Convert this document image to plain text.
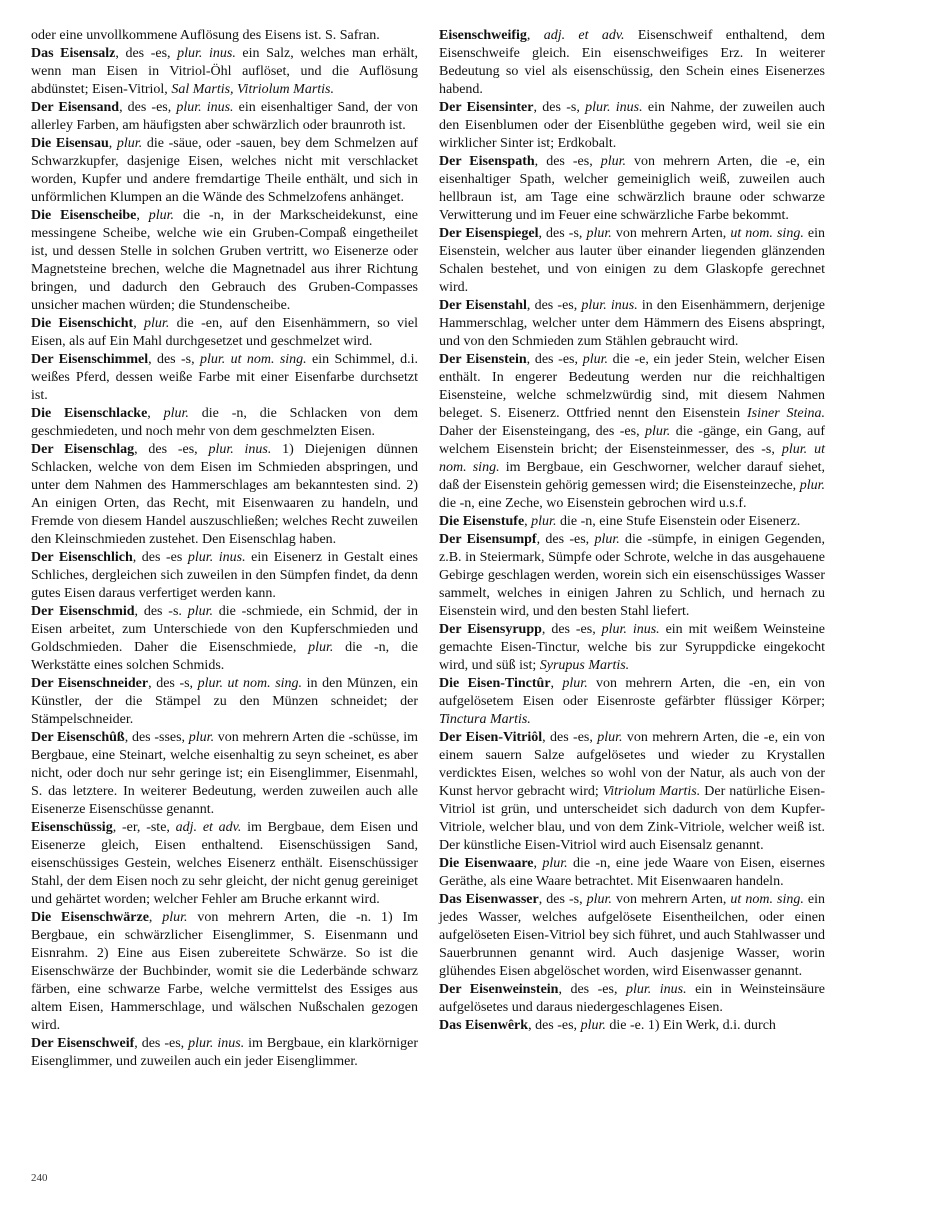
oder eine unvollkommene Auflösung des Eisens ist. S. Safran.

Das Eisensalz, des -es, plur. inus. ein Salz, welches man erhält, wenn man Eisen in Vitriol-Öhl auflöset, und die Auflösung abdünstet; Eisen-Vitriol, Sal Martis, Vitriolum Martis.

Der Eisensand, des -es, plur. inus. ein eisenhaltiger Sand, der von allerley Farben, am häufigsten aber schwärzlich oder braunroth ist.

Die Eisensau, plur. die -säue, oder -sauen, bey dem Schmelzen auf Schwarzkupfer, dasjenige Eisen, welches nicht mit verschlacket worden, Kupfer und andere fremdartige Theile enthält, und sich in unförmlichen Klumpen an die Wände des Schmelzofens anhänget.

Die Eisenscheibe, plur. die -n, in der Markscheidekunst, eine messingene Scheibe, welche wie ein Gruben-Compaß eingetheilet ist, und dessen Stelle in solchen Gruben vertritt, wo Eisenerze oder Magnetsteine brechen, welche die Magnetnadel aus ihrer Richtung bringen, und dadurch den Gebrauch des Gruben-Compasses unsicher machen würden; die Stundenscheibe.

Die Eisenschicht, plur. die -en, auf den Eisenhämmern, so viel Eisen, als auf Ein Mahl durchgesetzet und geschmelzet wird.

Der Eisenschimmel, des -s, plur. ut nom. sing. ein Schimmel, d.i. weißes Pferd, dessen weiße Farbe mit einer Eisenfarbe durchsetzt ist.

Die Eisenschlacke, plur. die -n, die Schlacken von dem geschmiedeten, und noch mehr von dem geschmelzten Eisen.

Der Eisenschlag, des -es, plur. inus. 1) Diejenigen dünnen Schlacken, welche von dem Eisen im Schmieden abspringen, und unter dem Nahmen des Hammerschlages am bekanntesten sind. 2) An einigen Orten, das Recht, mit Eisenwaaren zu handeln, und Fremde von diesem Handel auszuschließen; welches Recht zuweilen den Kleinschmieden zustehet. Den Eisenschlag haben.

Der Eisenschlich, des -es plur. inus. ein Eisenerz in Gestalt eines Schliches, dergleichen sich zuweilen in den Sümpfen findet, da denn gutes Eisen daraus verfertiget werden kann.

Der Eisenschmid, des -s. plur. die -schmiede, ein Schmid, der in Eisen arbeitet, zum Unterschiede von den Kupferschmieden und Goldschmieden. Daher die Eisenschmiede, plur. die -n, die Werkstätte eines solchen Schmids.

Der Eisenschneider, des -s, plur. ut nom. sing. in den Münzen, ein Künstler, der die Stämpel zu den Münzen schneidet; der Stämpelschneider.

Der Eisenschûß, des -sses, plur. von mehrern Arten die -schüsse, im Bergbaue, eine Steinart, welche eisenhaltig zu seyn scheinet, es aber nicht, oder doch nur sehr geringe ist; ein Eisenglimmer, Eisenmahl, S. das letztere. In weiterer Bedeutung, werden zuweilen auch alle Eisenerze Eisenschüsse genannt.

Eisenschüssig, -er, -ste, adj. et adv. im Bergbaue, dem Eisen und Eisenerze gleich, Eisen enthaltend. Eisenschüssigen Sand, eisenschüssiges Gestein, welches Eisenerz enthält. Eisenschüssiger Stahl, der dem Eisen noch zu sehr gleicht, der nicht genug gereiniget und gehärtet worden; welcher Fehler am Bruche erkannt wird.

Die Eisenschwärze, plur. von mehrern Arten, die -n. 1) Im Bergbaue, ein schwärzlicher Eisenglimmer, S. Eisenmann und Eisnrahm. 2) Eine aus Eisen zubereitete Schwärze. So ist die Eisenschwärze der Buchbinder, womit sie die Lederbände schwarz färben, eine schwarze Farbe, welche vermittelst des Essiges aus altem Eisen, Hammerschlage, und wälschen Nußschalen gezogen wird.

Der Eisenschweif, des -es, plur. inus. im Bergbaue, ein klarkörniger Eisenglimmer, und zuweilen auch ein jeder Eisenglimmer.

Eisenschweifig, adj. et adv. Eisenschweif enthaltend, dem Eisenschweife gleich. Ein eisenschweifiges Erz. In weiterer Bedeutung so viel als eisenschüssig, den Schein eines Eisenerzes habend.

Der Eisensinter, des -s, plur. inus. ein Nahme, der zuweilen auch den Eisenblumen oder der Eisenblüthe gegeben wird, weil sie ein wirklicher Sinter ist; Erdkobalt.

Der Eisenspath, des -es, plur. von mehrern Arten, die -e, ein eisenhaltiger Spath, welcher gemeiniglich weiß, zuweilen auch hellbraun ist, am Tage eine schwärzlich braune oder schwarze Verwitterung und im Feuer eine schwärzliche Farbe bekommt.

Der Eisenspiegel, des -s, plur. von mehrern Arten, ut nom. sing. ein Eisenstein, welcher aus lauter über einander liegenden glänzenden Schalen bestehet, und von einigen zu dem Glaskopfe gerechnet wird.

Der Eisenstahl, des -es, plur. inus. in den Eisenhämmern, derjenige Hammerschlag, welcher unter dem Hämmern des Eisens abspringt, und von den Schmieden zum Stählen gebraucht wird.

Der Eisenstein, des -es, plur. die -e, ein jeder Stein, welcher Eisen enthält. In engerer Bedeutung werden nur die reichhaltigen Eisensteine, welche schmelzwürdig sind, mit diesem Nahmen beleget. S. Eisenerz. Ottfried nennt den Eisenstein Isiner Steina. Daher der Eisensteingang, des -es, plur. die -gänge, ein Gang, auf welchem Eisenstein bricht; der Eisensteinmesser, des -s, plur. ut nom. sing. im Bergbaue, ein Geschworner, welcher darauf siehet, daß der Eisenstein gehörig gemessen wird; die Eisensteinzeche, plur. die -n, eine Zeche, wo Eisenstein gebrochen wird u.s.f.

Die Eisenstufe, plur. die -n, eine Stufe Eisenstein oder Eisenerz.

Der Eisensumpf, des -es, plur. die -sümpfe, in einigen Gegenden, z.B. in Steiermark, Sümpfe oder Schrote, welche in das ausgehauene Gebirge geschlagen werden, worein sich ein eisenschüssiges Wasser sammelt, welches in einigen Jahren zu Schlich, und hernach zu Eisenstein wird, und den besten Stahl liefert.

Der Eisensyrupp, des -es, plur. inus. ein mit weißem Weinsteine gemachte Eisen-Tinctur, welche bis zur Syruppdicke eingekocht wird, und süß ist; Syrupus Martis.

Die Eisen-Tinctûr, plur. von mehrern Arten, die -en, ein von aufgelösetem Eisen oder Eisenroste gefärbter flüssiger Körper; Tinctura Martis.

Der Eisen-Vitriôl, des -es, plur. von mehrern Arten, die -e, ein von einem sauern Salze aufgelösetes und wieder zu Krystallen verdicktes Eisen, welches so wohl von der Natur, als auch von der Kunst hervor gebracht wird; Vitriolum Martis. Der natürliche Eisen-Vitriol ist grün, und unterscheidet sich dadurch von dem Kupfer-Vitriole, welcher blau, und von dem Zink-Vitriole, welcher weiß ist. Der künstliche Eisen-Vitriol wird auch Eisensalz genannt.

Die Eisenwaare, plur. die -n, eine jede Waare von Eisen, eisernes Geräthe, als eine Waare betrachtet. Mit Eisenwaaren handeln.

Das Eisenwasser, des -s, plur. von mehrern Arten, ut nom. sing. ein jedes Wasser, welches aufgelösete Eisentheilchen, oder einen aufgelöseten Eisen-Vitriol bey sich führet, und auch Stahlwasser und Sauerbrunnen genannt wird. Auch dasjenige Wasser, worin glühendes Eisen abgelöschet worden, wird Eisenwasser genannt.

Der Eisenweinstein, des -es, plur. inus. ein in Weinsteinsäure aufgelösetes und daraus niedergeschlagenes Eisen.

Das Eisenwêrk, des -es, plur. die -e. 1) Ein Werk, d.i. durch

240
